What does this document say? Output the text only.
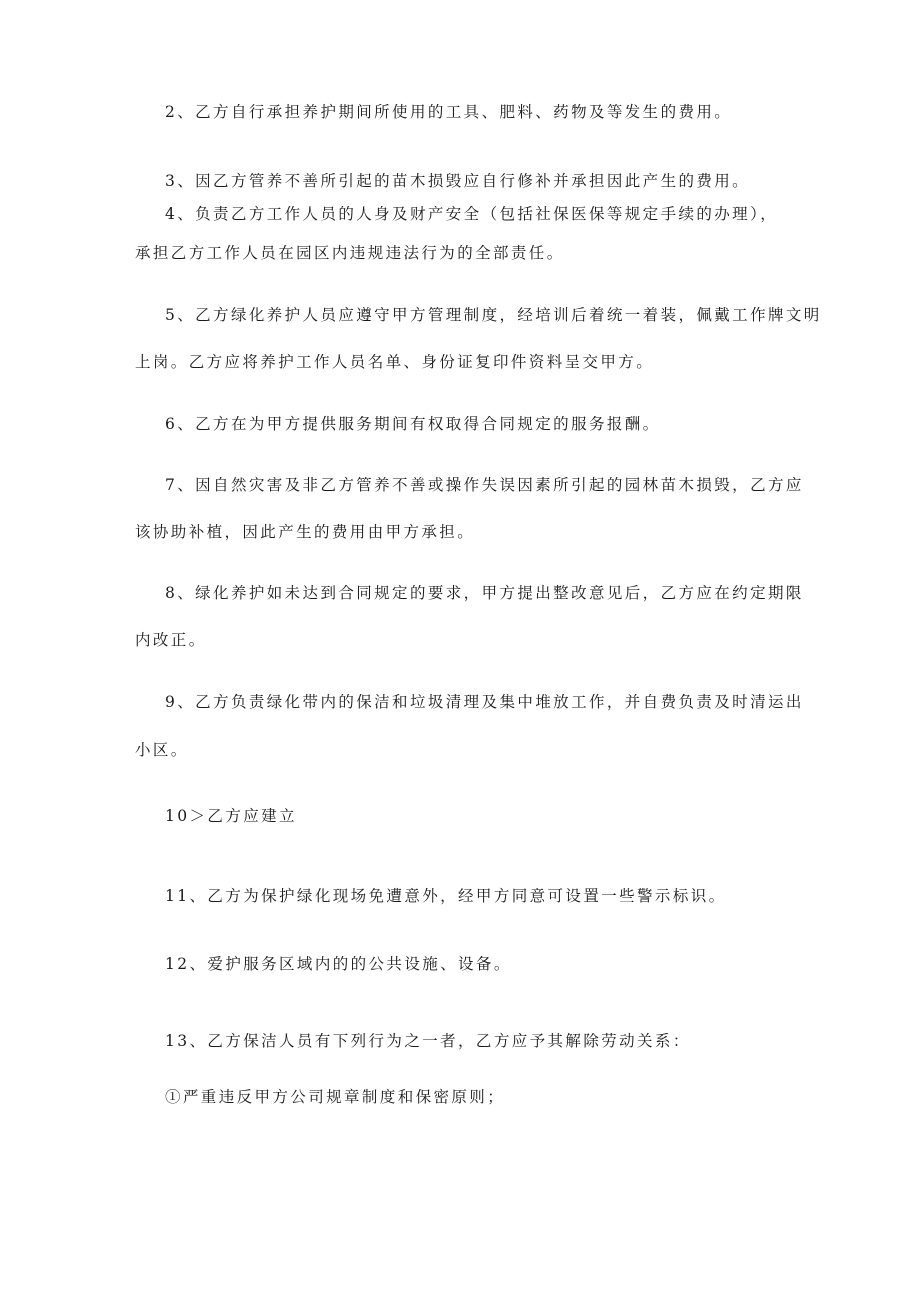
2、乙方自行承担养护期间所使用的工具、肥料、药物及等发生的费用。
3、因乙方管养不善所引起的苗木损毁应自行修补并承担因此产生的费用。
4、负责乙方工作人员的人身及财产安全（包括社保医保等规定手续的办理），
承担乙方工作人员在园区内违规违法行为的全部责任。
5、乙方绿化养护人员应遵守甲方管理制度，经培训后着统一着装，佩戴工作牌文明
上岗。乙方应将养护工作人员名单、身份证复印件资料呈交甲方。
6、乙方在为甲方提供服务期间有权取得合同规定的服务报酬。
7、因自然灾害及非乙方管养不善或操作失误因素所引起的园林苗木损毁，乙方应
该协助补植，因此产生的费用由甲方承担。
8、绿化养护如未达到合同规定的要求，甲方提出整改意见后，乙方应在约定期限
内改正。
9、乙方负责绿化带内的保洁和垃圾清理及集中堆放工作，并自费负责及时清运出
小区。
10＞乙方应建立
11、乙方为保护绿化现场免遭意外，经甲方同意可设置一些警示标识。
12、爱护服务区域内的的公共设施、设备。
13、乙方保洁人员有下列行为之一者，乙方应予其解除劳动关系：
①严重违反甲方公司规章制度和保密原则；
